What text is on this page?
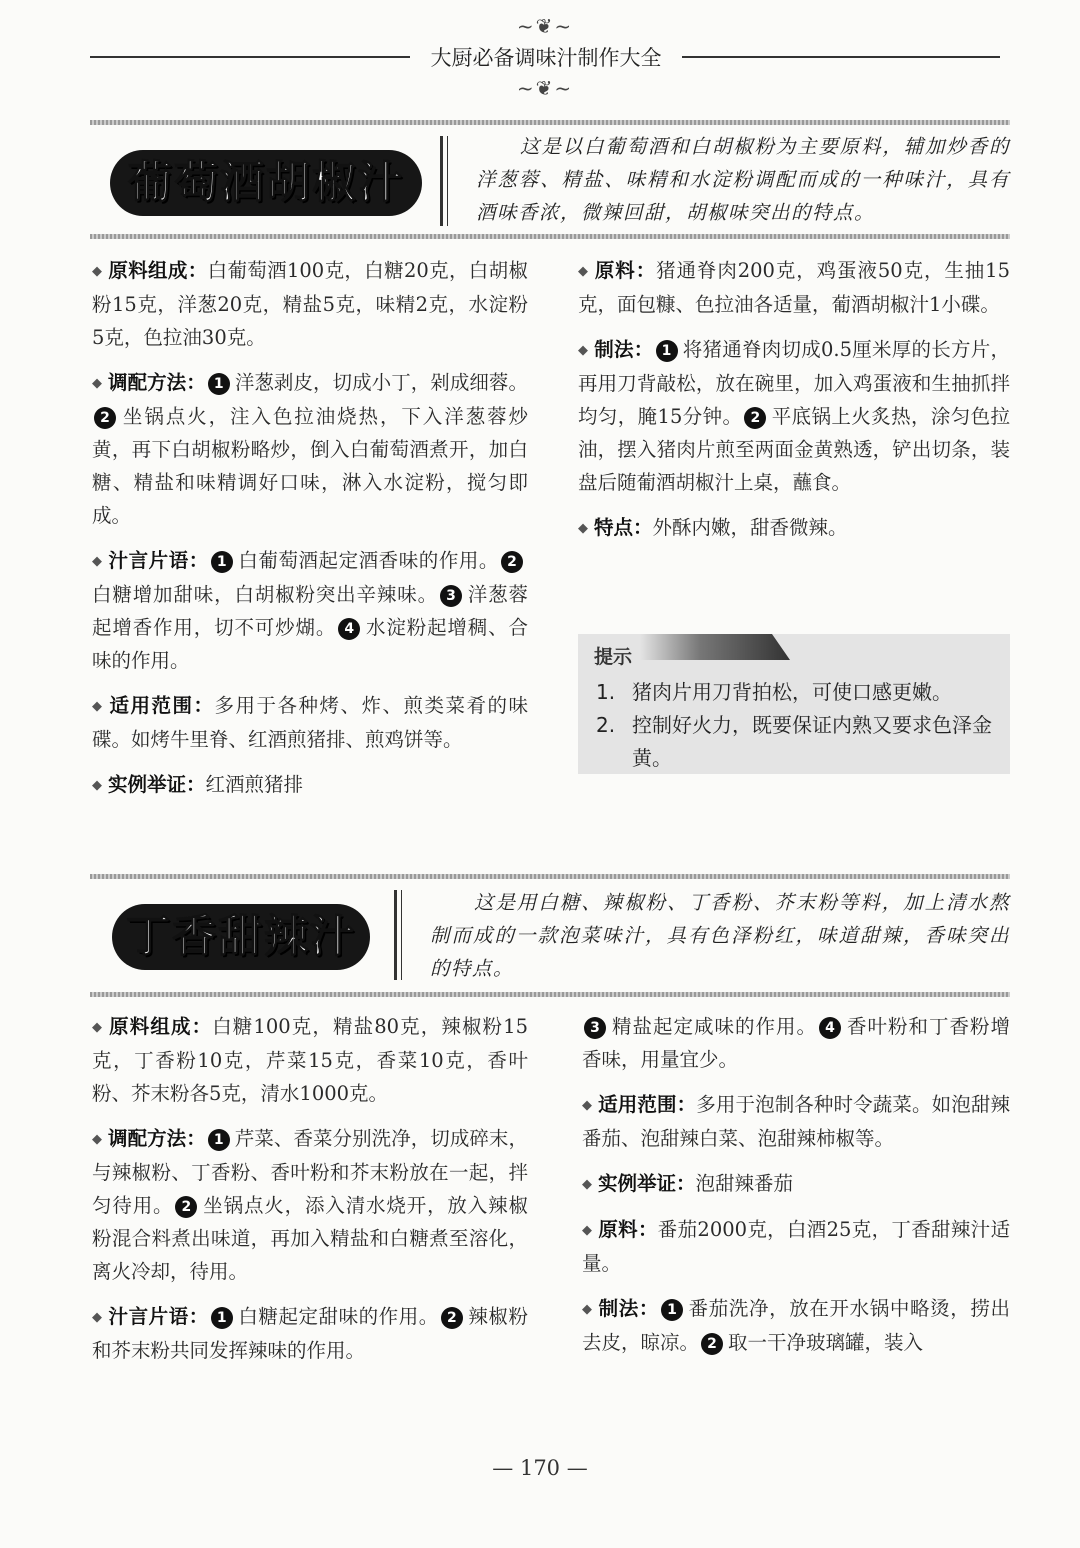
~❦~
大厨必备调味汁制作大全
~❦~
葡萄酒胡椒汁
这是以白葡萄酒和白胡椒粉为主要原料，辅加炒香的洋葱蓉、精盐、味精和水淀粉调配而成的一种味汁，具有酒味香浓，微辣回甜，胡椒味突出的特点。

◆ 原料组成：白葡萄酒100克，白糖20克，白胡椒粉15克，洋葱20克，精盐5克，味精2克，水淀粉5克，色拉油30克。

◆ 调配方法： 1 洋葱剥皮，切成小丁，剁成细蓉。2 坐锅点火，注入色拉油烧热，下入洋葱蓉炒黄，再下白胡椒粉略炒，倒入白葡萄酒煮开，加白糖、精盐和味精调好口味，淋入水淀粉，搅匀即成。

◆ 汁言片语： 1 白葡萄酒起定酒香味的作用。 2白糖增加甜味，白胡椒粉突出辛辣味。 3 洋葱蓉起增香作用，切不可炒煳。 4 水淀粉起增稠、合味的作用。

◆ 适用范围：多用于各种烤、炸、煎类菜肴的味碟。如烤牛里脊、红酒煎猪排、煎鸡饼等。

◆ 实例举证：红酒煎猪排

◆ 原料：猪通脊肉200克，鸡蛋液50克，生抽15克，面包糠、色拉油各适量，葡酒胡椒汁1小碟。

◆ 制法： 1 将猪通脊肉切成0.5厘米厚的长方片，再用刀背敲松，放在碗里，加入鸡蛋液和生抽抓拌均匀，腌15分钟。 2 平底锅上火炙热，涂匀色拉油，摆入猪肉片煎至两面金黄熟透，铲出切条，装盘后随葡酒胡椒汁上桌，蘸食。

◆ 特点：外酥内嫩，甜香微辣。

提示
1. 猪肉片用刀背拍松，可使口感更嫩。
2. 控制好火力，既要保证内熟又要求色泽金黄。
丁香甜辣汁
这是用白糖、辣椒粉、丁香粉、芥末粉等料，加上清水熬制而成的一款泡菜味汁，具有色泽粉红，味道甜辣，香味突出的特点。

◆ 原料组成：白糖100克，精盐80克，辣椒粉15克，丁香粉10克，芹菜15克，香菜10克，香叶粉、芥末粉各5克，清水1000克。

◆ 调配方法： 1 芹菜、香菜分别洗净，切成碎末，与辣椒粉、丁香粉、香叶粉和芥末粉放在一起，拌匀待用。 2 坐锅点火，添入清水烧开，放入辣椒粉混合料煮出味道，再加入精盐和白糖煮至溶化，离火冷却，待用。

◆ 汁言片语： 1 白糖起定甜味的作用。 2 辣椒粉和芥末粉共同发挥辣味的作用。

3 精盐起定咸味的作用。 4 香叶粉和丁香粉增香味，用量宜少。

◆ 适用范围：多用于泡制各种时令蔬菜。如泡甜辣番茄、泡甜辣白菜、泡甜辣柿椒等。

◆ 实例举证：泡甜辣番茄

◆ 原料：番茄2000克，白酒25克，丁香甜辣汁适量。

◆ 制法： 1 番茄洗净，放在开水锅中略烫，捞出去皮，晾凉。 2 取一干净玻璃罐，装入

— 170 —
